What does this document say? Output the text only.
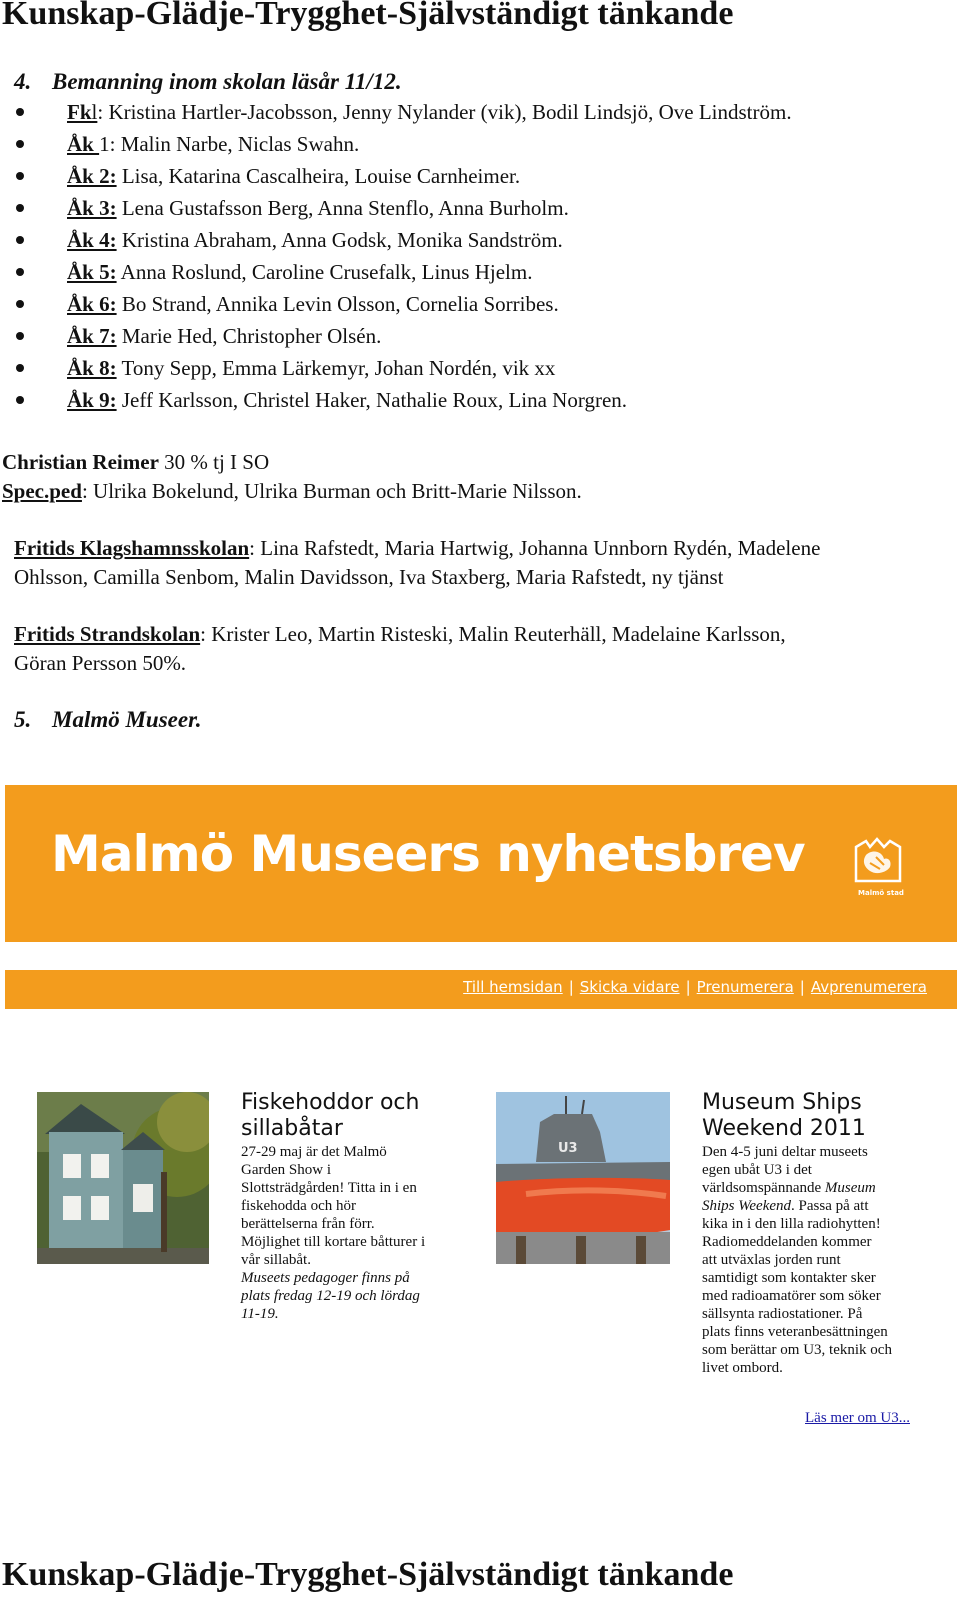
Kunskap-Glädje-Trygghet-Självständigt tänkande
4. Bemanning inom skolan läsår 11/12.
Fkl: Kristina Hartler-Jacobsson, Jenny Nylander (vik), Bodil Lindsjö, Ove Lindström.
Åk 1: Malin Narbe, Niclas Swahn.
Åk 2: Lisa, Katarina Cascalheira, Louise Carnheimer.
Åk 3: Lena Gustafsson Berg, Anna Stenflo, Anna Burholm.
Åk 4: Kristina Abraham, Anna Godsk, Monika Sandström.
Åk 5: Anna Roslund, Caroline Crusefalk, Linus Hjelm.
Åk 6: Bo Strand, Annika Levin Olsson, Cornelia Sorribes.
Åk 7: Marie Hed, Christopher Olsén.
Åk 8: Tony Sepp, Emma Lärkemyr, Johan Nordén, vik xx
Åk 9: Jeff Karlsson, Christel Haker, Nathalie Roux, Lina Norgren.
Christian Reimer 30 % tj I SO
Spec.ped: Ulrika Bokelund, Ulrika Burman och Britt-Marie Nilsson.
Fritids Klagshamnsskolan: Lina Rafstedt, Maria Hartwig, Johanna Unnborn Rydén, Madelene
Ohlsson, Camilla Senbom, Malin Davidsson, Iva Staxberg, Maria Rafstedt, ny tjänst
Fritids Strandskolan: Krister Leo, Martin Risteski, Malin Reuterhäll, Madelaine Karlsson,
Göran Persson 50%.
5. Malmö Museer.
Malmö Museers nyhetsbrev
Malmö stad
Till hemsidan | Skicka vidare | Prenumerera | Avprenumerera
Fiskehoddor och
sillabåtar
27-29 maj är det Malmö
Garden Show i
Slottsträdgården! Titta in i en
fiskehodda och hör
berättelserna från förr.
Möjlighet till kortare båtturer i
vår sillabåt.
Museets pedagoger finns på
plats fredag 12-19 och lördag
11-19.
U3
Museum Ships
Weekend 2011
Den 4-5 juni deltar museets
egen ubåt U3 i det
världsomspännande Museum
Ships Weekend. Passa på att
kika in i den lilla radiohytten!
Radiomeddelanden kommer
att utväxlas jorden runt
samtidigt som kontakter sker
med radioamatörer som söker
sällsynta radiostationer. På
plats finns veteranbesättningen
som berättar om U3, teknik och
livet ombord.
Läs mer om U3...
Kunskap-Glädje-Trygghet-Självständigt tänkande
